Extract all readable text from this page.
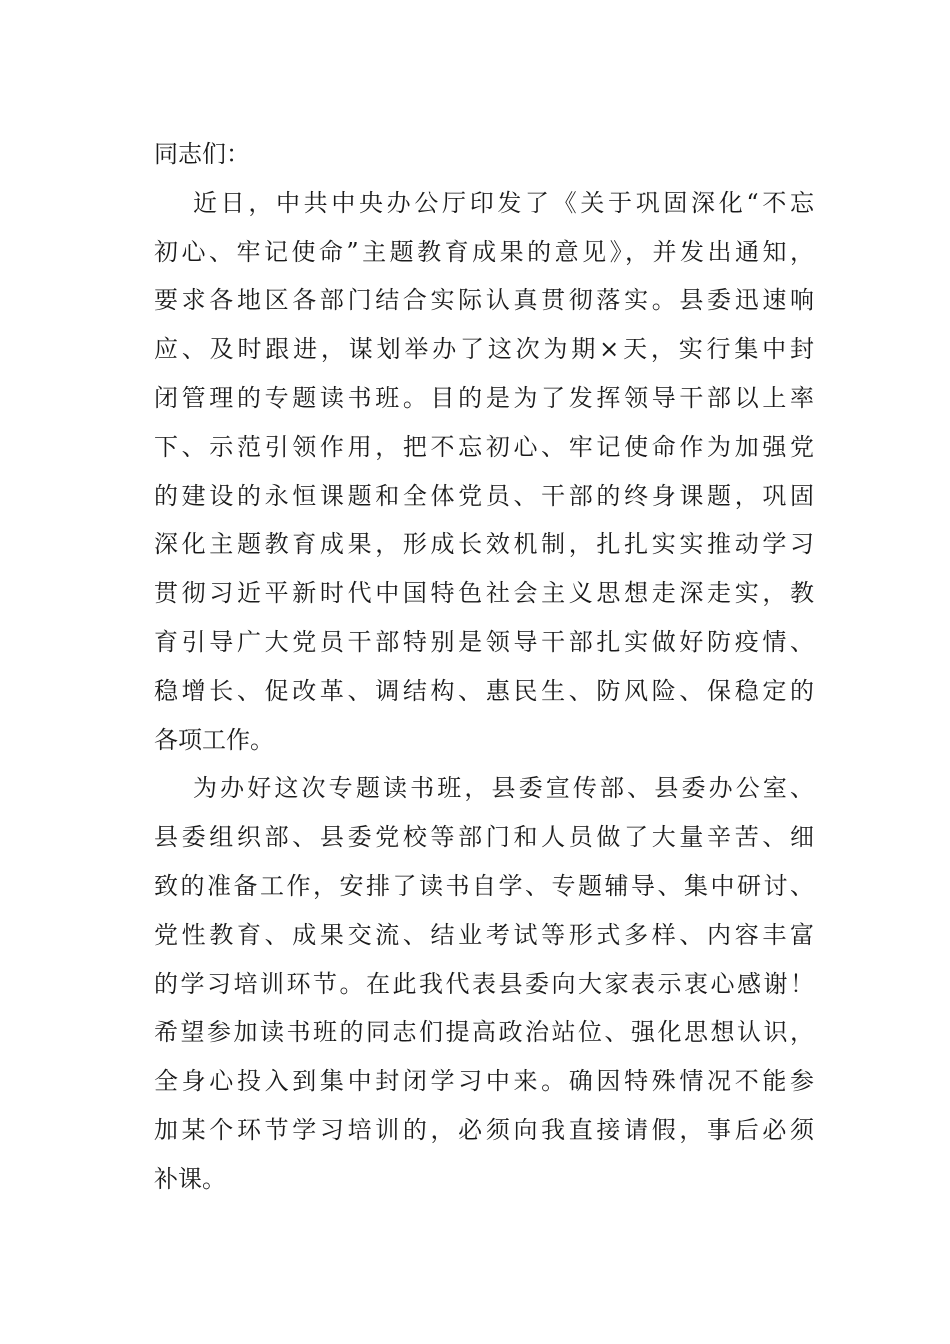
同志们：
近日，中共中央办公厅印发了《关于巩固深化“不忘
初心、牢记使命”主题教育成果的意见》，并发出通知，
要求各地区各部门结合实际认真贯彻落实。县委迅速响
应、及时跟进，谋划举办了这次为期×天，实行集中封
闭管理的专题读书班。目的是为了发挥领导干部以上率
下、示范引领作用，把不忘初心、牢记使命作为加强党
的建设的永恒课题和全体党员、干部的终身课题，巩固
深化主题教育成果，形成长效机制，扎扎实实推动学习
贯彻习近平新时代中国特色社会主义思想走深走实，教
育引导广大党员干部特别是领导干部扎实做好防疫情、
稳增长、促改革、调结构、惠民生、防风险、保稳定的
各项工作。
为办好这次专题读书班，县委宣传部、县委办公室、
县委组织部、县委党校等部门和人员做了大量辛苦、细
致的准备工作，安排了读书自学、专题辅导、集中研讨、
党性教育、成果交流、结业考试等形式多样、内容丰富
的学习培训环节。在此我代表县委向大家表示衷心感谢！
希望参加读书班的同志们提高政治站位、强化思想认识，
全身心投入到集中封闭学习中来。确因特殊情况不能参
加某个环节学习培训的，必须向我直接请假，事后必须
补课。
